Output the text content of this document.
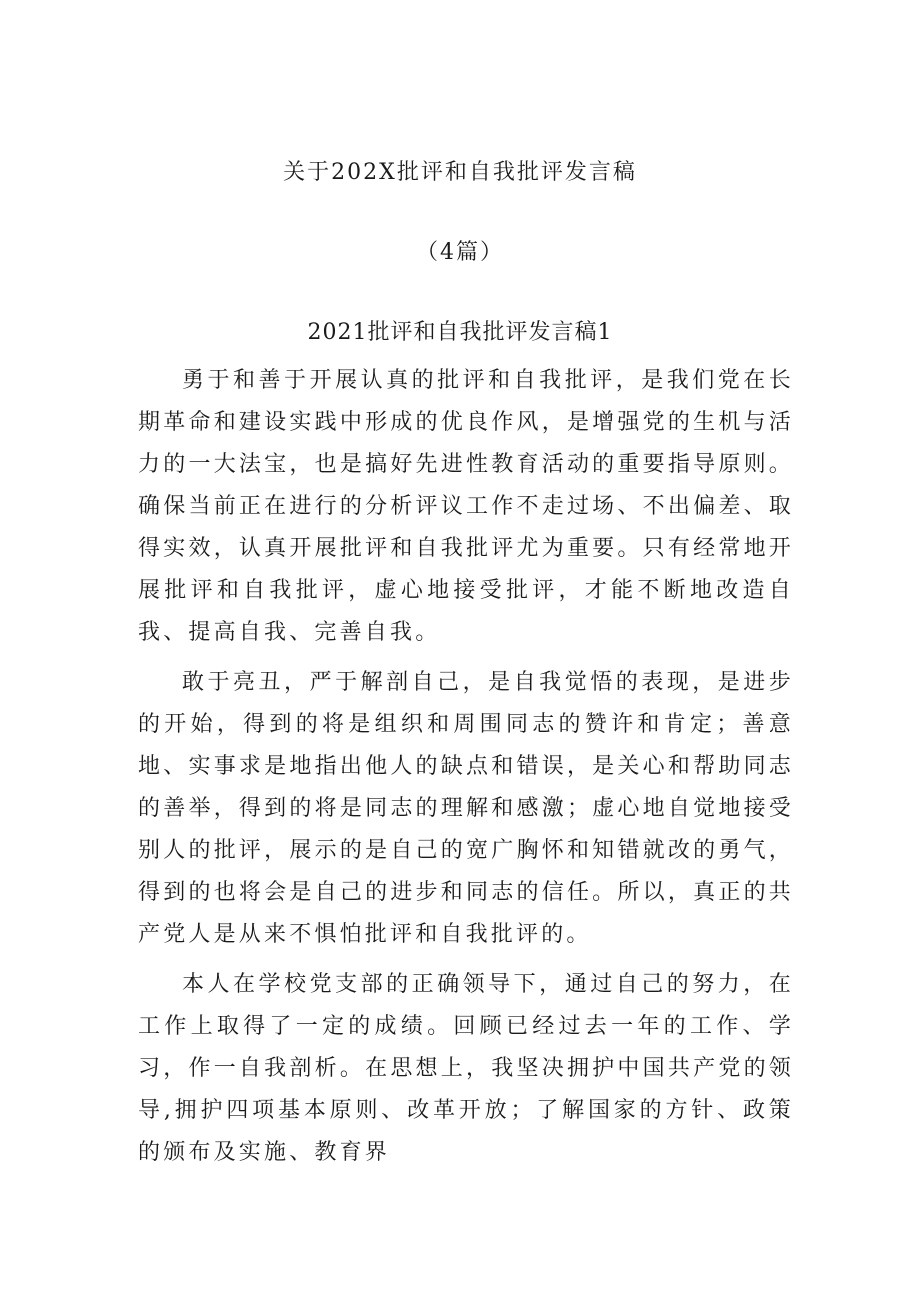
关于202X批评和自我批评发言稿
（4篇）
2021批评和自我批评发言稿1

勇于和善于开展认真的批评和自我批评，是我们党在长期革命和建设实践中形成的优良作风，是增强党的生机与活力的一大法宝，也是搞好先进性教育活动的重要指导原则。确保当前正在进行的分析评议工作不走过场、不出偏差、取得实效，认真开展批评和自我批评尤为重要。只有经常地开展批评和自我批评，虚心地接受批评，才能不断地改造自我、提高自我、完善自我。

敢于亮丑，严于解剖自己，是自我觉悟的表现，是进步的开始，得到的将是组织和周围同志的赞许和肯定；善意地、实事求是地指出他人的缺点和错误，是关心和帮助同志的善举，得到的将是同志的理解和感激；虚心地自觉地接受别人的批评，展示的是自己的宽广胸怀和知错就改的勇气，得到的也将会是自己的进步和同志的信任。所以，真正的共产党人是从来不惧怕批评和自我批评的。

本人在学校党支部的正确领导下，通过自己的努力，在工作上取得了一定的成绩。回顾已经过去一年的工作、学习，作一自我剖析。在思想上，我坚决拥护中国共产党的领导,拥护四项基本原则、改革开放；了解国家的方针、政策的颁布及实施、教育界
